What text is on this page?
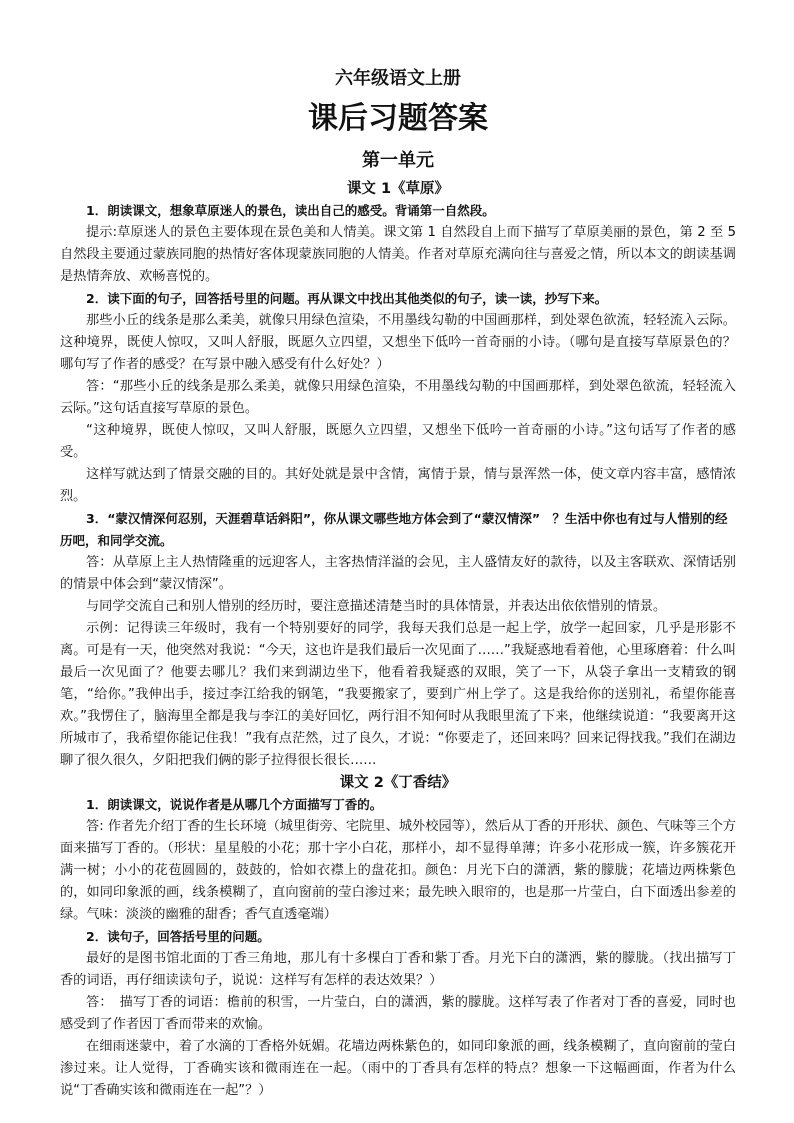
六年级语文上册

课后习题答案

第一单元

课文 1《草原》

1．朗读课文，想象草原迷人的景色，读出自己的感受。背诵第一自然段。

提示:草原迷人的景色主要体现在景色美和人情美。课文第 1 自然段自上而下描写了草原美丽的景色，第 2 至 5 自然段主要通过蒙族同胞的热情好客体现蒙族同胞的人情美。作者对草原充满向往与喜爱之情，所以本文的朗读基调是热情奔放、欢畅喜悦的。

2．读下面的句子，回答括号里的问题。再从课文中找出其他类似的句子，读一读，抄写下来。

那些小丘的线条是那么柔美，就像只用绿色渲染，不用墨线勾勒的中国画那样，到处翠色欲流，轻轻流入云际。这种境界，既使人惊叹，又叫人舒服，既愿久立四望，又想坐下低吟一首奇丽的小诗。（哪句是直接写草原景色的？哪句写了作者的感受？在写景中融入感受有什么好处？）

答：“那些小丘的线条是那么柔美，就像只用绿色渲染，不用墨线勾勒的中国画那样，到处翠色欲流，轻轻流入云际。”这句话直接写草原的景色。

“这种境界，既使人惊叹，又叫人舒服，既愿久立四望，又想坐下低吟一首奇丽的小诗。”这句话写了作者的感受。

这样写就达到了情景交融的目的。其好处就是景中含情，寓情于景，情与景浑然一体，使文章内容丰富，感情浓烈。

3．“蒙汉情深何忍别，天涯碧草话斜阳”，你从课文哪些地方体会到了“蒙汉情深”　？生活中你也有过与人惜别的经历吧，和同学交流。

答：从草原上主人热情隆重的远迎客人，主客热情洋溢的会见，主人盛情友好的款待，以及主客联欢、深情话别的情景中体会到“蒙汉情深”。

与同学交流自己和别人惜别的经历时，要注意描述清楚当时的具体情景，并表达出依依惜别的情景。

示例：记得读三年级时，我有一个特别要好的同学，我每天我们总是一起上学，放学一起回家，几乎是形影不离。可是有一天，他突然对我说：“今天，这也许是我们最后一次见面了……”我疑惑地看着他，心里琢磨着：什么叫最后一次见面了？他要去哪儿？我们来到湖边坐下，他看着我疑惑的双眼，笑了一下，从袋子拿出一支精致的钢笔，“给你。”我伸出手，接过李江给我的钢笔，“我要搬家了，要到广州上学了。这是我给你的送别礼，希望你能喜欢。”我愣住了，脑海里全都是我与李江的美好回忆，两行泪不知何时从我眼里流了下来，他继续说道：“我要离开这所城市了，我希望你能记住我！”我有点茫然，过了良久，才说：“你要走了，还回来吗？回来记得找我。”我们在湖边聊了很久很久，夕阳把我们俩的影子拉得很长很长……

课文 2《丁香结》

1．朗读课文，说说作者是从哪几个方面描写丁香的。

答: 作者先介绍丁香的生长环境（城里街旁、宅院里、城外校园等），然后从丁香的开形状、颜色、气味等三个方面来描写丁香的。（形状：星星般的小花；那十字小白花，那样小，却不显得单薄；许多小花形成一簇，许多簇花开满一树；小小的花苞圆圆的，鼓鼓的，恰如衣襟上的盘花扣。颜色：月光下白的潇洒，紫的朦胧；花墙边两株紫色的，如同印象派的画，线条模糊了，直向窗前的莹白渗过来；最先映入眼帘的，也是那一片莹白，白下面透出参差的绿。气味：淡淡的幽雅的甜香；香气直透毫端）

2．读句子，回答括号里的问题。

最好的是图书馆北面的丁香三角地，那儿有十多棵白丁香和紫丁香。月光下白的潇洒，紫的朦胧。（找出描写丁香的词语，再仔细读读句子，说说：这样写有怎样的表达效果？）

答：　描写丁香的词语：檐前的积雪，一片莹白，白的潇洒，紫的朦胧。这样写表了作者对丁香的喜爱，同时也感受到了作者因丁香而带来的欢愉。

在细雨迷蒙中，着了水滴的丁香格外妩媚。花墙边两株紫色的，如同印象派的画，线条模糊了，直向窗前的莹白渗过来。让人觉得，丁香确实该和微雨连在一起。（雨中的丁香具有怎样的特点？想象一下这幅画面，作者为什么说“丁香确实该和微雨连在一起”？）
